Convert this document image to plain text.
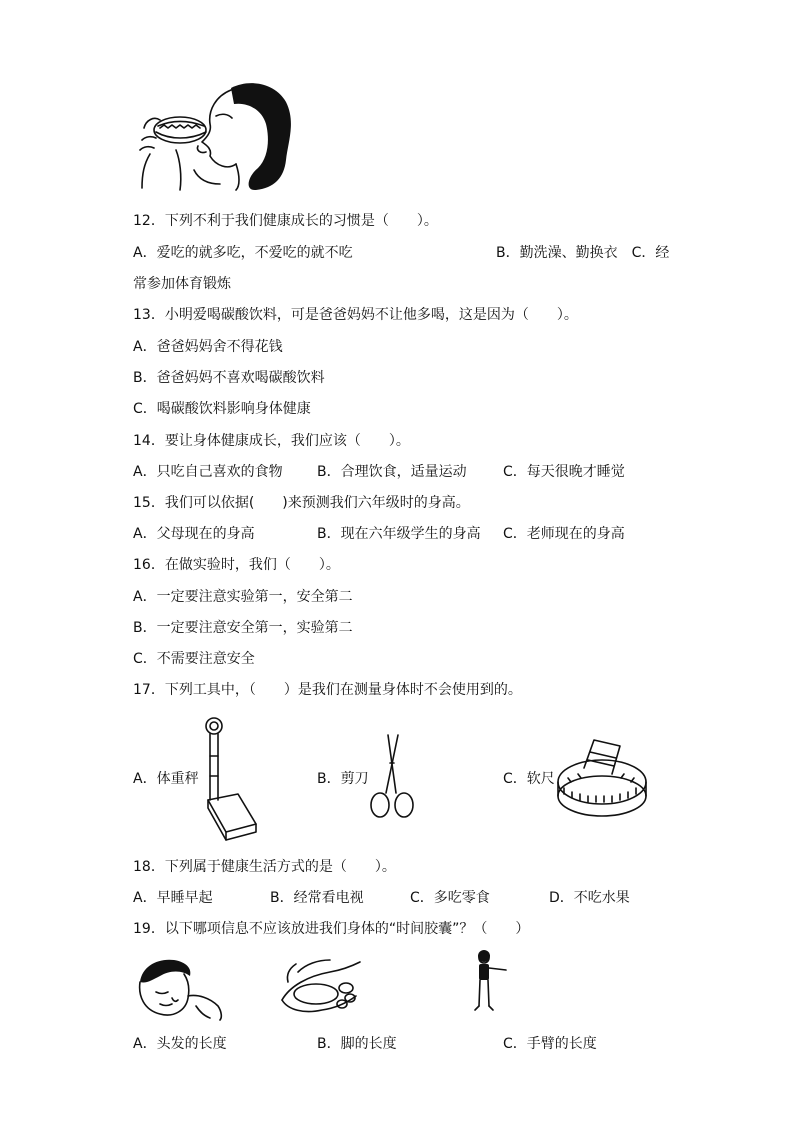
12．下列不利于我们健康成长的习惯是（　　）。
A．爱吃的就多吃，不爱吃的就不吃	B．勤洗澡、勤换衣　C．经
常参加体育锻炼
13．小明爱喝碳酸饮料，可是爸爸妈妈不让他多喝，这是因为（　　）。
A．爸爸妈妈舍不得花钱
B．爸爸妈妈不喜欢喝碳酸饮料
C．喝碳酸饮料影响身体健康
14．要让身体健康成长，我们应该（　　）。
A．只吃自己喜欢的食物 B．合理饮食，适量运动	C．每天很晚才睡觉
15．我们可以依据(　　)来预测我们六年级时的身高。
A．父母现在的身高	B．现在六年级学生的身高 C．老师现在的身高
16．在做实验时，我们（　　）。
A．一定要注意实验第一，安全第二
B．一定要注意安全第一，实验第二
C．不需要注意安全
17．下列工具中，（　　）是我们在测量身体时不会使用到的。
A．体重秤	B．剪刀	C．软尺
18．下列属于健康生活方式的是（　　）。
A．早睡早起	B．经常看电视	C．多吃零食	D．不吃水果
19．以下哪项信息不应该放进我们身体的“时间胶囊”？（　　）
A．头发的长度	B．脚的长度	C．手臂的长度
